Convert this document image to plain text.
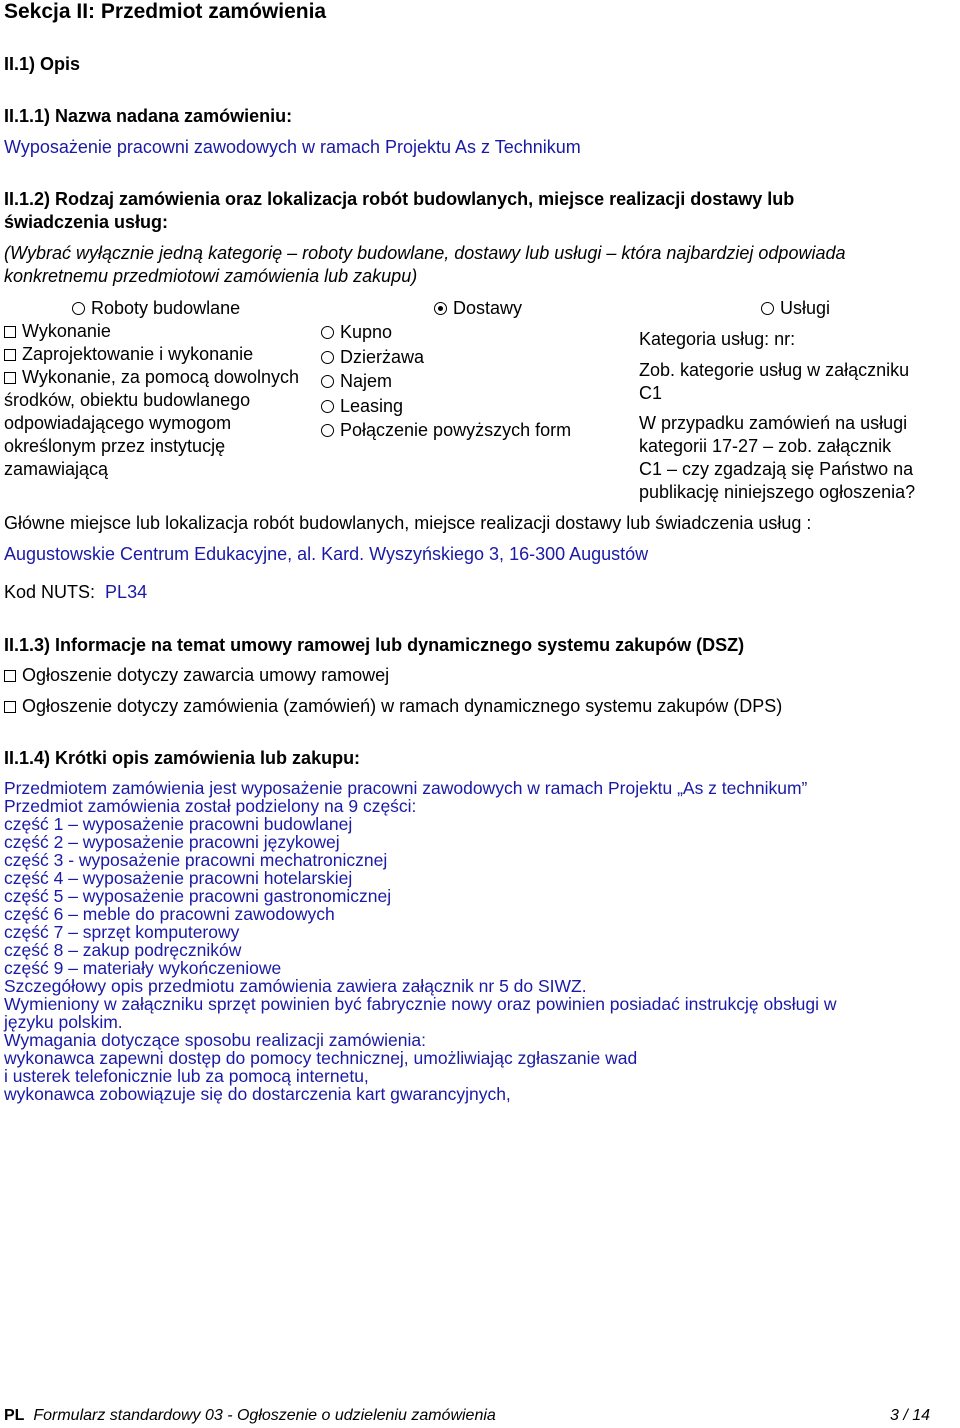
Sekcja II: Przedmiot zamówienia
II.1) Opis
II.1.1) Nazwa nadana zamówieniu:
Wyposażenie pracowni zawodowych w ramach Projektu As z Technikum
II.1.2) Rodzaj zamówienia oraz lokalizacja robót budowlanych, miejsce realizacji dostawy lub
świadczenia usług:
(Wybrać wyłącznie jedną kategorię – roboty budowlane, dostawy lub usługi – która najbardziej odpowiada
konkretnemu przedmiotowi zamówienia lub zakupu)
Roboty budowlane	Dostawy	Usługi
Wykonanie
Zaprojektowanie i wykonanie
Wykonanie, za pomocą dowolnych
środków, obiektu budowlanego
odpowiadającego wymogom
określonym przez instytucję
zamawiającą
Kupno
Dzierżawa
Najem
Leasing
Połączenie powyższych form
Kategoria usług: nr:
Zob. kategorie usług w załączniku
C1
W przypadku zamówień na usługi
kategorii 17-27 – zob. załącznik
C1 – czy zgadzają się Państwo na
publikację niniejszego ogłoszenia?
Główne miejsce lub lokalizacja robót budowlanych, miejsce realizacji dostawy lub świadczenia usług :
Augustowskie Centrum Edukacyjne, al. Kard. Wyszyńskiego 3, 16-300 Augustów
Kod NUTS: PL34
II.1.3) Informacje na temat umowy ramowej lub dynamicznego systemu zakupów (DSZ)
Ogłoszenie dotyczy zawarcia umowy ramowej
Ogłoszenie dotyczy zamówienia (zamówień) w ramach dynamicznego systemu zakupów (DPS)
II.1.4) Krótki opis zamówienia lub zakupu:
Przedmiotem zamówienia jest wyposażenie pracowni zawodowych w ramach Projektu „As z technikum”
Przedmiot zamówienia został podzielony na 9 części:
część 1 – wyposażenie pracowni budowlanej
część 2 – wyposażenie pracowni językowej
część 3 - wyposażenie pracowni mechatronicznej
część 4 – wyposażenie pracowni hotelarskiej
część 5 – wyposażenie pracowni gastronomicznej
część 6 – meble do pracowni zawodowych
część 7 – sprzęt komputerowy
część 8 – zakup podręczników
część 9 – materiały wykończeniowe
Szczegółowy opis przedmiotu zamówienia zawiera załącznik nr 5 do SIWZ.
Wymieniony w załączniku sprzęt powinien być fabrycznie nowy oraz powinien posiadać instrukcję obsługi w
języku polskim.
Wymagania dotyczące sposobu realizacji zamówienia:
wykonawca zapewni dostęp do pomocy technicznej, umożliwiając zgłaszanie wad
i usterek telefonicznie lub za pomocą internetu,
wykonawca zobowiązuje się do dostarczenia kart gwarancyjnych,
PL Formularz standardowy 03 - Ogłoszenie o udzieleniu zamówienia	3 / 14
